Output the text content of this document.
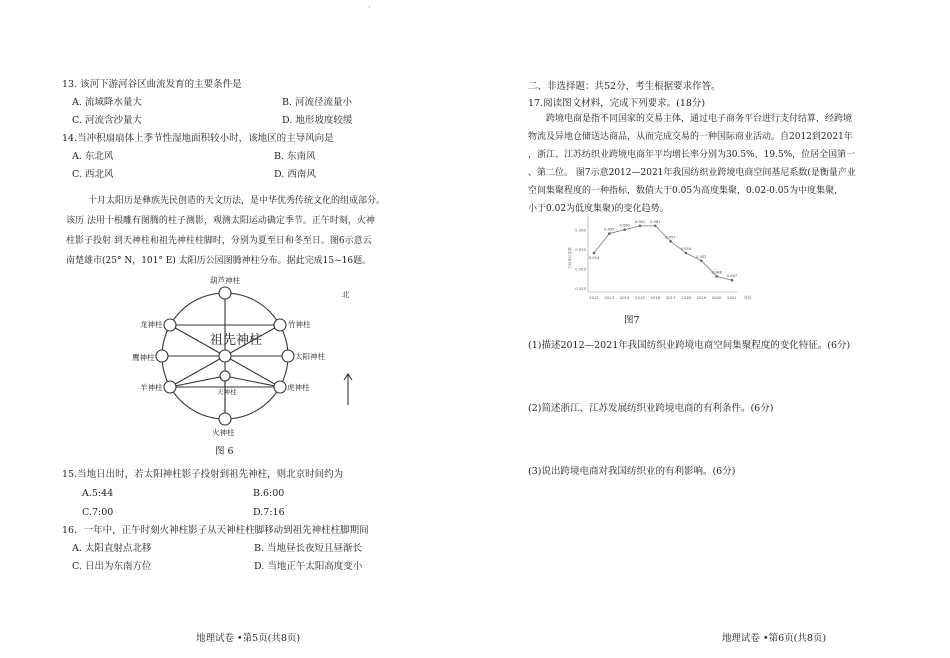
·
13. 该河下游河谷区曲流发育的主要条件是
A. 流域降水量大	B. 河流径流量小
C. 河流含沙量大	D. 地形坡度较缓
14.当冲积扇扇体上季节性湿地面积较小时，该地区的主导风向是
A. 东北风	B. 东南风
C. 西北风	D. 西南风
十月太阳历是彝族先民创造的天文历法，是中华优秀传统文化的组成部分。
该历 法用十根雕有图腾的柱子测影，观测太阳运动确定季节。正午时刻，火神
柱影子投射 到天神柱和祖先神柱柱脚时，分别为夏至日和冬至日。图6示意云
南楚雄市(25° N，101° E) 太阳历公园图腾神柱分布。据此完成15~16题。
葫芦神柱
火神柱
龙神柱
鹰神柱
羊神柱
竹神柱
太阳神柱
虎神柱
天神柱
北
祖先神柱
图 6
15.当地日出时，若太阳神柱影子投射到祖先神柱，则北京时间约为
A.5:44	B.6:00
C.7:00	D.7:16
16．一年中，正午时刻火神柱影子从天神柱柱脚移动到祖先神柱柱脚期间
A. 太阳直射点北移	B. 当地昼长夜短且昼渐长
C. 日出为东南方位	D. 当地正午太阳高度变小
地理试卷 •第5页(共8页)
二、非选择题：共52分，考生根据要求作答。
17.阅读图文材料，完成下列要求。(18分)
跨境电商是指不同国家的交易主体，通过电子商务平台进行支付结算，经跨境
物流及异地仓储送达商品，从而完成交易的一种国际商业活动。自2012到2021年
，浙江、江苏纺织业跨境电商年平均增长率分别为30.5%、19.5%，位居全国第一
、第二位。 图7示意2012—2021年我国纺织业跨境电商空间基尼系数(是衡量产业
空间集聚程度的一种指标，数值大于0.05为高度集聚，0.02-0.05为中度集聚，
小于0.02为低度集聚)的变化趋势。
0.045
0.050
0.055
0.060
空间基尼系数
2012 2013 2014 2015 2016 2017 2018 2019 2020 2021 年份
0.054
0.059
0.060
0.061 0.061
0.057
0.054
0.052
0.048
0.047
图7
(1)描述2012—2021年我国纺织业跨境电商空间集聚程度的变化特征。(6分)
(2)简述浙江、江苏发展纺织业跨境电商的有利条件。(6分)
(3)说出跨境电商对我国纺织业的有利影响。(6分)
地理试卷 •第6页(共8页)
